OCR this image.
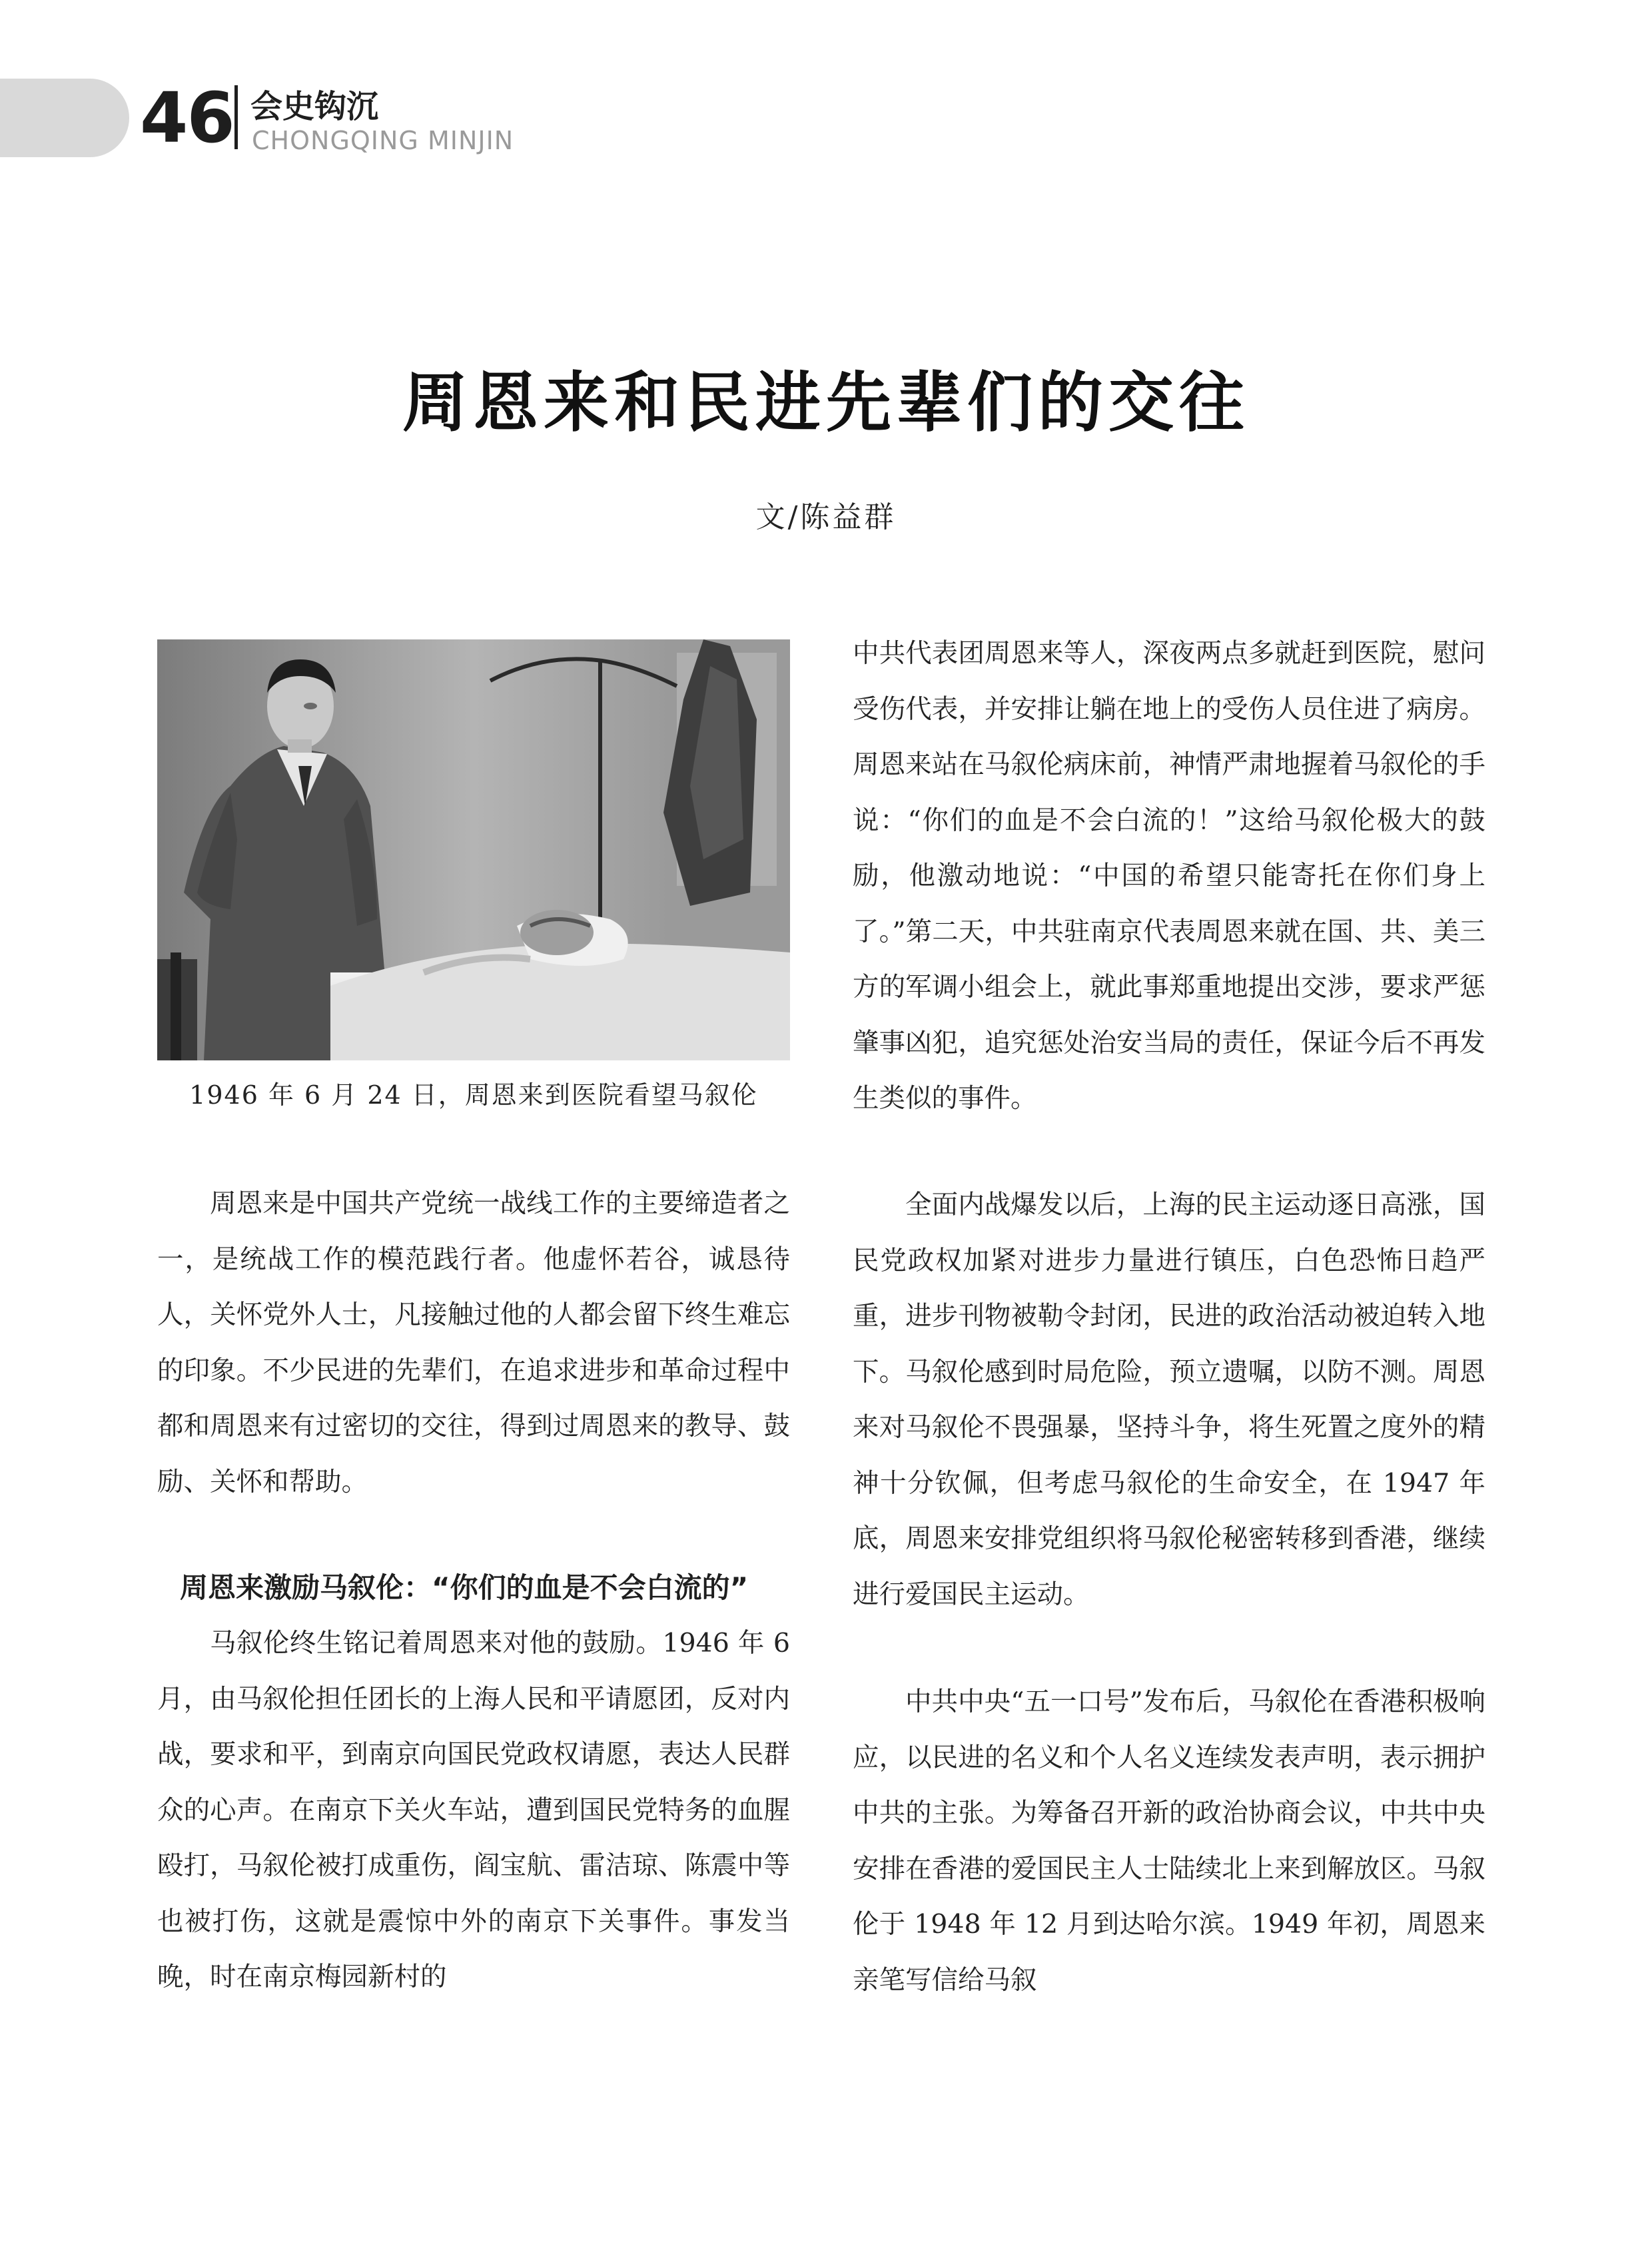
46 会史钩沉
CHONGQING MINJIN
周恩来和民进先辈们的交往
文/陈益群
1946 年 6 月 24 日，周恩来到医院看望马叙伦

周恩来是中国共产党统一战线工作的主要缔造者之一，是统战工作的模范践行者。他虚怀若谷，诚恳待人，关怀党外人士，凡接触过他的人都会留下终生难忘的印象。不少民进的先辈们，在追求进步和革命过程中都和周恩来有过密切的交往，得到过周恩来的教导、鼓励、关怀和帮助。

周恩来激励马叙伦：“你们的血是不会白流的”

马叙伦终生铭记着周恩来对他的鼓励。1946 年 6 月，由马叙伦担任团长的上海人民和平请愿团，反对内战，要求和平，到南京向国民党政权请愿，表达人民群众的心声。在南京下关火车站，遭到国民党特务的血腥殴打，马叙伦被打成重伤，阎宝航、雷洁琼、陈震中等也被打伤，这就是震惊中外的南京下关事件。事发当晚，时在南京梅园新村的

中共代表团周恩来等人，深夜两点多就赶到医院，慰问受伤代表，并安排让躺在地上的受伤人员住进了病房。周恩来站在马叙伦病床前，神情严肃地握着马叙伦的手说：“你们的血是不会白流的！”这给马叙伦极大的鼓励，他激动地说：“中国的希望只能寄托在你们身上了。”第二天，中共驻南京代表周恩来就在国、共、美三方的军调小组会上，就此事郑重地提出交涉，要求严惩肇事凶犯，追究惩处治安当局的责任，保证今后不再发生类似的事件。

全面内战爆发以后，上海的民主运动逐日高涨，国民党政权加紧对进步力量进行镇压，白色恐怖日趋严重，进步刊物被勒令封闭，民进的政治活动被迫转入地下。马叙伦感到时局危险，预立遗嘱，以防不测。周恩来对马叙伦不畏强暴，坚持斗争，将生死置之度外的精神十分钦佩，但考虑马叙伦的生命安全，在 1947 年底，周恩来安排党组织将马叙伦秘密转移到香港，继续进行爱国民主运动。

中共中央“五一口号”发布后，马叙伦在香港积极响应，以民进的名义和个人名义连续发表声明，表示拥护中共的主张。为筹备召开新的政治协商会议，中共中央安排在香港的爱国民主人士陆续北上来到解放区。马叙伦于 1948 年 12 月到达哈尔滨。1949 年初，周恩来亲笔写信给马叙
